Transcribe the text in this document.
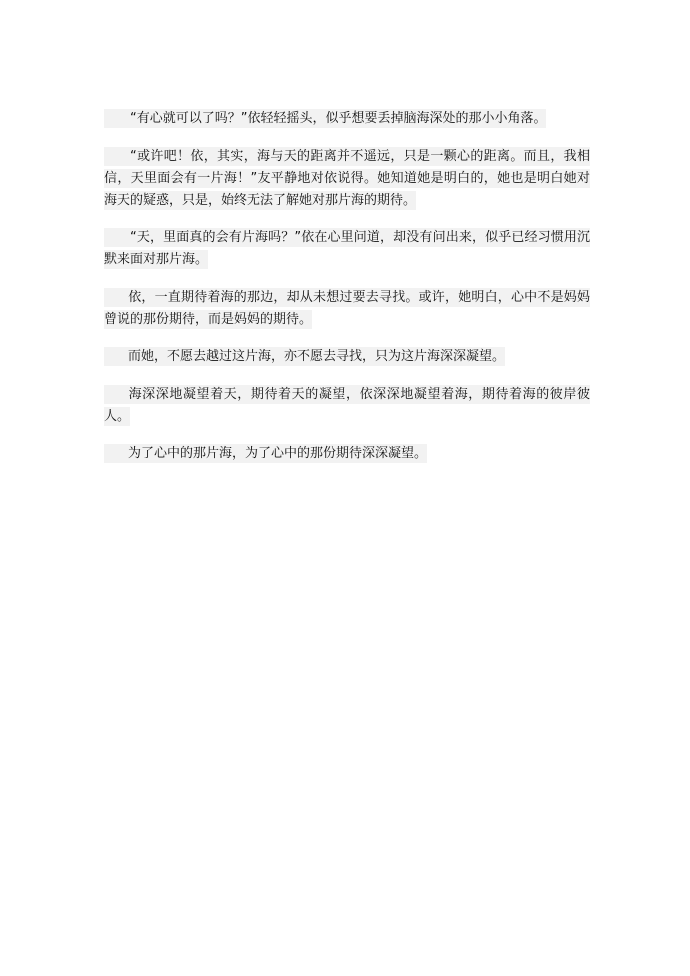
“有心就可以了吗？”依轻轻摇头，似乎想要丢掉脑海深处的那小小角落。

“或许吧！依，其实，海与天的距离并不遥远，只是一颗心的距离。而且，我相信，天里面会有一片海！”友平静地对依说得。她知道她是明白的，她也是明白她对海天的疑惑，只是，始终无法了解她对那片海的期待。

“天，里面真的会有片海吗？”依在心里问道，却没有问出来，似乎已经习惯用沉默来面对那片海。

依，一直期待着海的那边，却从未想过要去寻找。或许，她明白，心中不是妈妈曾说的那份期待，而是妈妈的期待。

而她，不愿去越过这片海，亦不愿去寻找，只为这片海深深凝望。

海深深地凝望着天，期待着天的凝望，依深深地凝望着海，期待着海的彼岸彼人。

为了心中的那片海，为了心中的那份期待深深凝望。
